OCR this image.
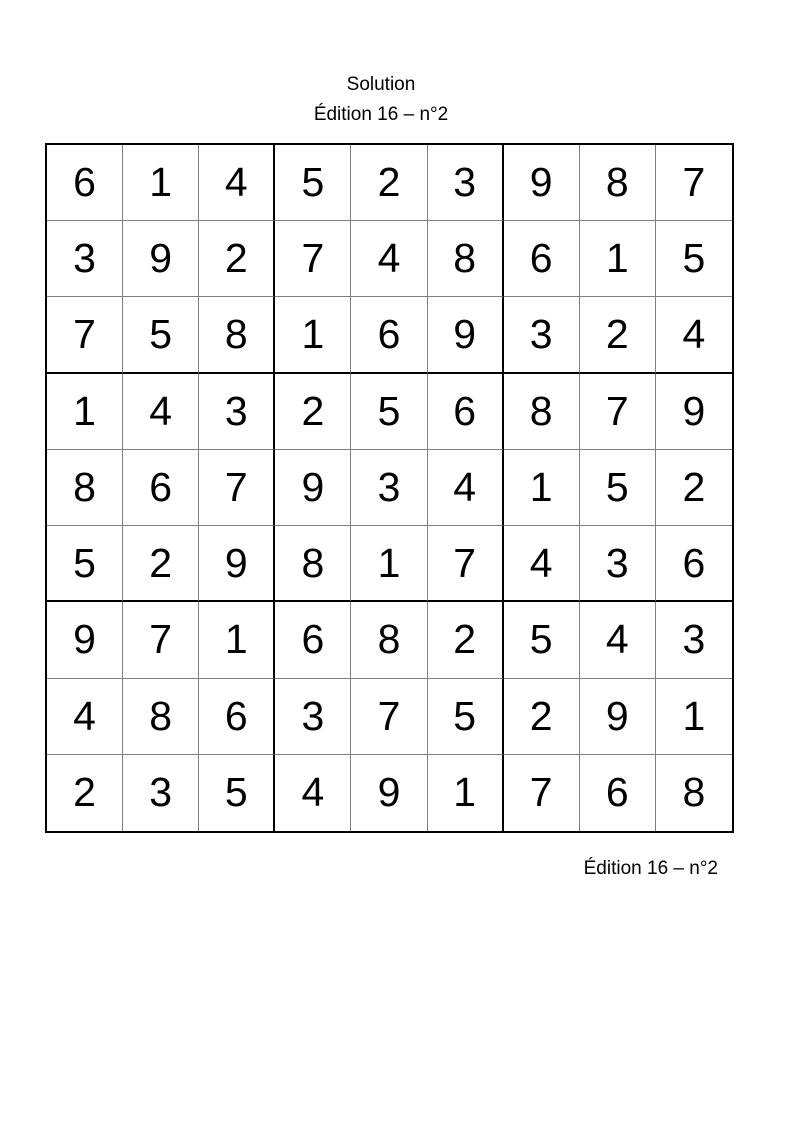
Solution
Édition 16 – n°2
6	1	4	5	2	3	9	8	7
3	9	2	7	4	8	6	1	5
7	5	8	1	6	9	3	2	4
1	4	3	2	5	6	8	7	9
8	6	7	9	3	4	1	5	2
5	2	9	8	1	7	4	3	6
9	7	1	6	8	2	5	4	3
4	8	6	3	7	5	2	9	1
2	3	5	4	9	1	7	6	8
Édition 16 – n°2
